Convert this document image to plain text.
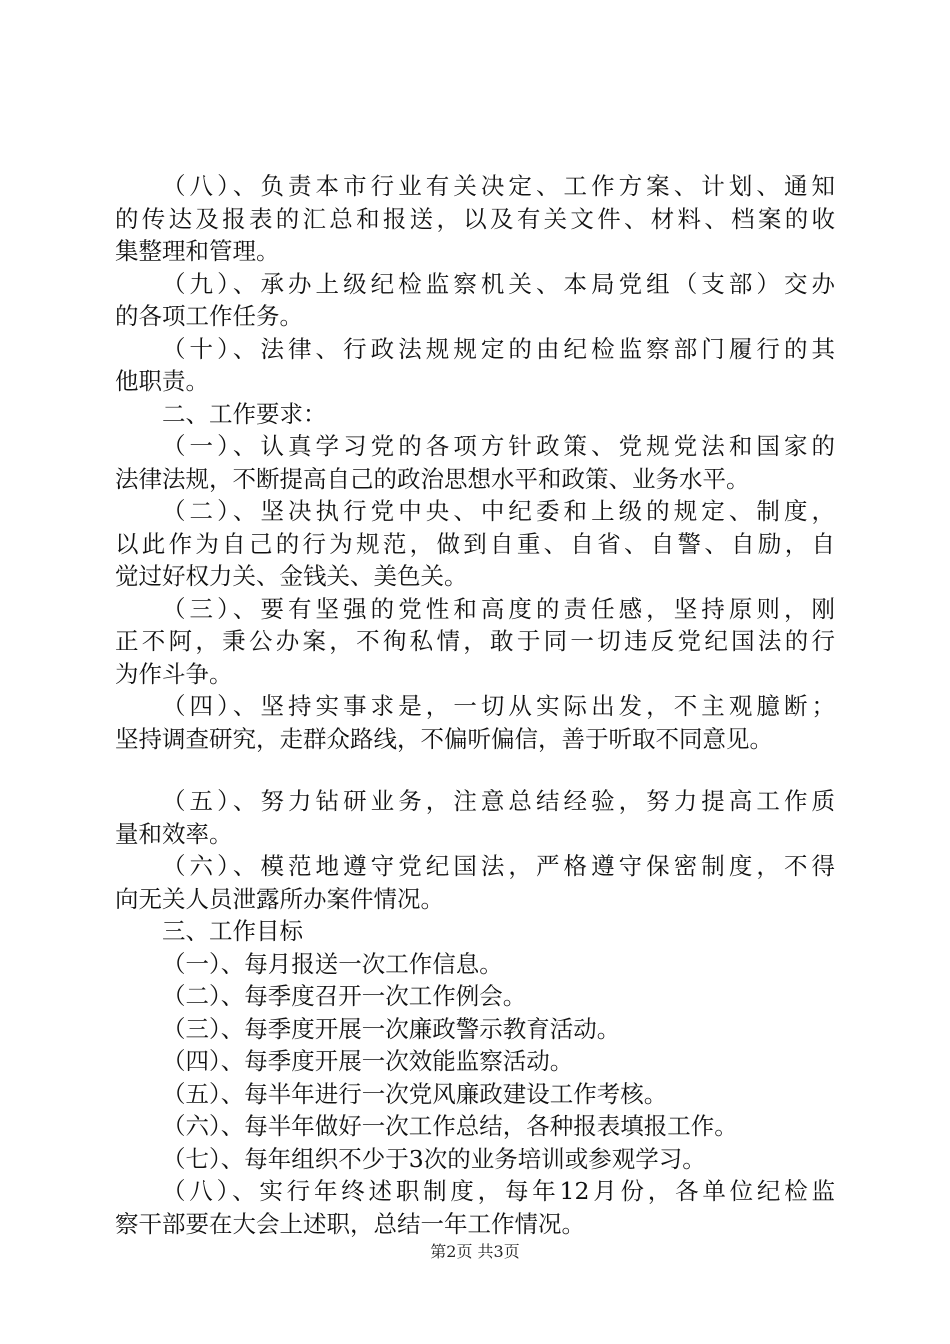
（八）、负责本市行业有关决定、工作方案、计划、通知
的传达及报表的汇总和报送，以及有关文件、材料、档案的收
集整理和管理。
（九）、承办上级纪检监察机关、本局党组（支部）交办
的各项工作任务。
（十）、法律、行政法规规定的由纪检监察部门履行的其
他职责。
二、工作要求：
（一）、认真学习党的各项方针政策、党规党法和国家的
法律法规，不断提高自己的政治思想水平和政策、业务水平。
（二）、坚决执行党中央、中纪委和上级的规定、制度，
以此作为自己的行为规范，做到自重、自省、自警、自励，自
觉过好权力关、金钱关、美色关。
（三）、要有坚强的党性和高度的责任感，坚持原则，刚
正不阿，秉公办案，不徇私情，敢于同一切违反党纪国法的行
为作斗争。
（四）、坚持实事求是，一切从实际出发，不主观臆断；
坚持调查研究，走群众路线，不偏听偏信，善于听取不同意见。
（五）、努力钻研业务，注意总结经验，努力提高工作质
量和效率。
（六）、模范地遵守党纪国法，严格遵守保密制度，不得
向无关人员泄露所办案件情况。
三、工作目标
（一）、每月报送一次工作信息。
（二）、每季度召开一次工作例会。
（三）、每季度开展一次廉政警示教育活动。
（四）、每季度开展一次效能监察活动。
（五）、每半年进行一次党风廉政建设工作考核。
（六）、每半年做好一次工作总结，各种报表填报工作。
（七）、每年组织不少于3次的业务培训或参观学习。
（八）、实行年终述职制度，每年12月份，各单位纪检监
察干部要在大会上述职，总结一年工作情况。
第2页 共3页
